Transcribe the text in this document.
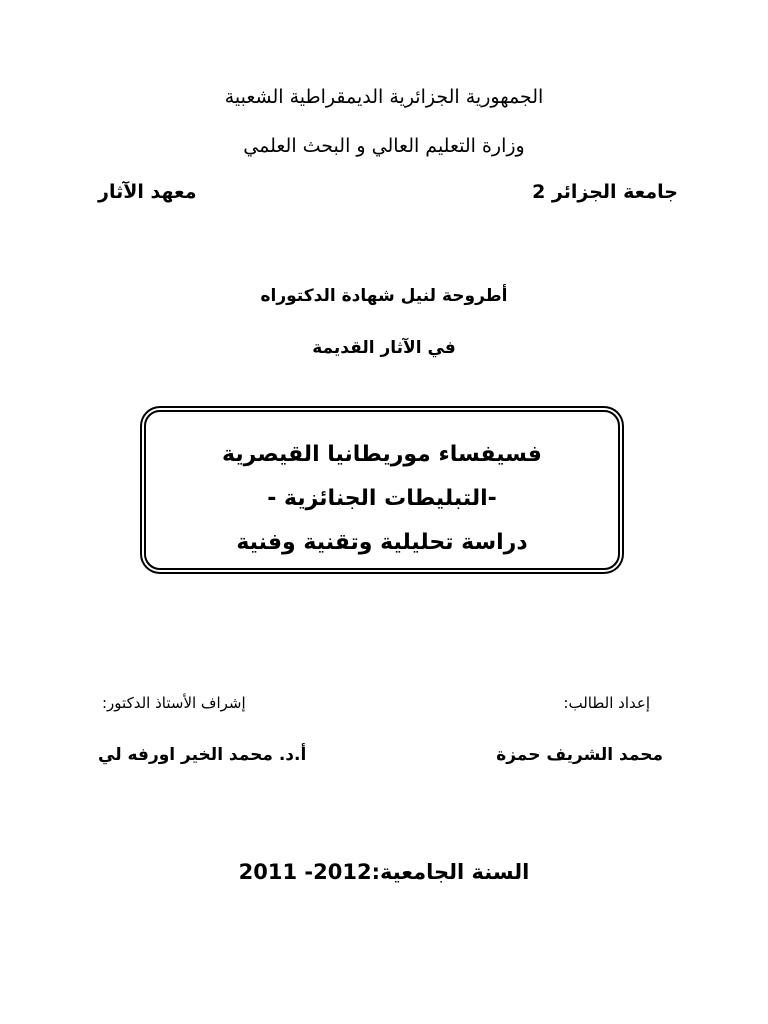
الجمهورية الجزائرية الديمقراطية الشعبية
وزارة التعليم العالي و البحث العلمي
جامعة الجزائر 2
معهد الآثار
أطروحة لنيل شهادة الدكتوراه
في الآثار القديمة
فسيفساء موريطانيا القيصرية
-التبليطات الجنائزية -
دراسة تحليلية وتقنية وفنية
إعداد الطالب:
إشراف الأستاذ الدكتور:
محمد الشريف حمزة
أ.د. محمد الخير اورفه لي
السنة الجامعية:2011 -2012
